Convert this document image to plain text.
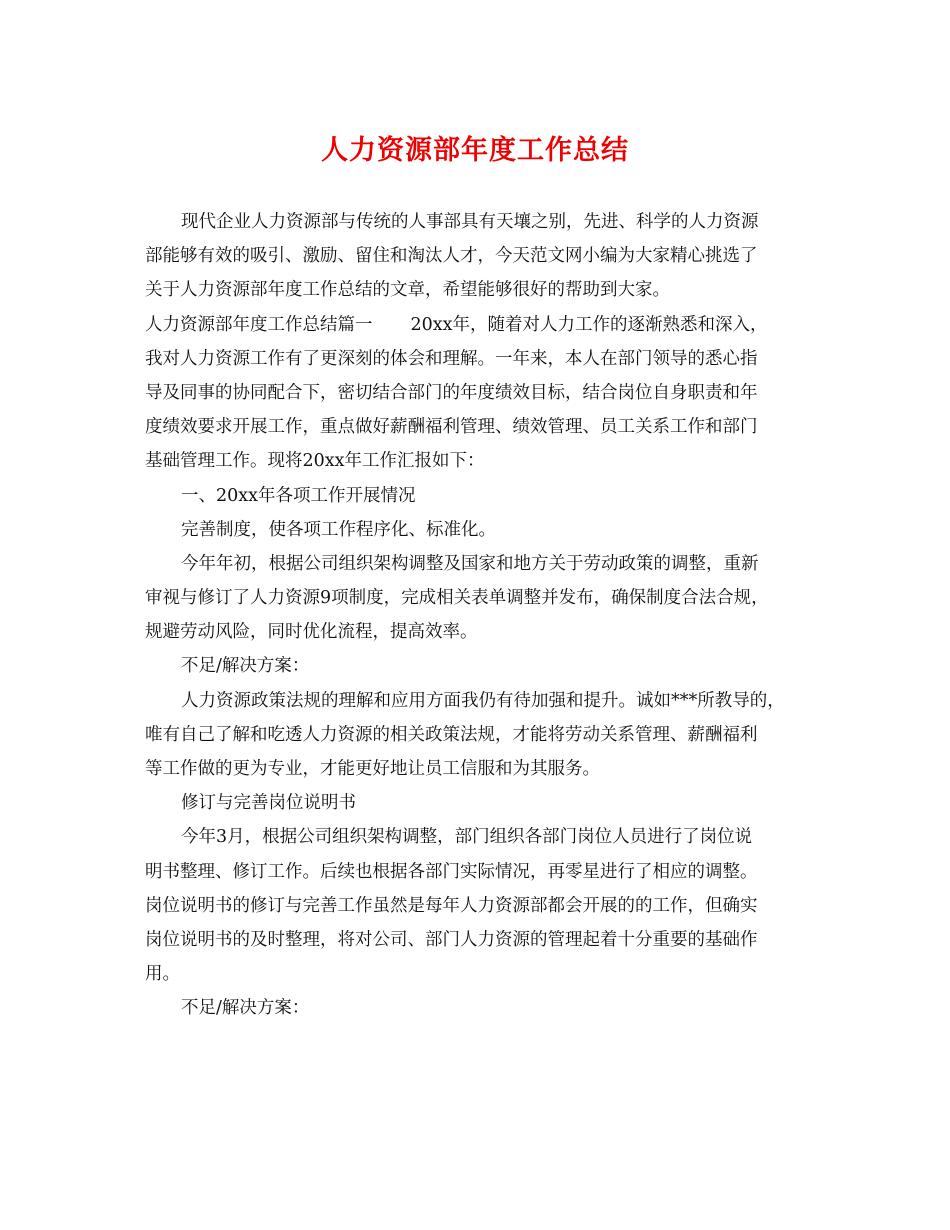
人力资源部年度工作总结
现代企业人力资源部与传统的人事部具有天壤之别，先进、科学的人力资源
部能够有效的吸引、激励、留住和淘汰人才，今天范文网小编为大家精心挑选了
关于人力资源部年度工作总结的文章，希望能够很好的帮助到大家。
人力资源部年度工作总结篇一 20xx年，随着对人力工作的逐渐熟悉和深入，
我对人力资源工作有了更深刻的体会和理解。一年来，本人在部门领导的悉心指
导及同事的协同配合下，密切结合部门的年度绩效目标，结合岗位自身职责和年
度绩效要求开展工作，重点做好薪酬福利管理、绩效管理、员工关系工作和部门
基础管理工作。现将20xx年工作汇报如下：
一、20xx年各项工作开展情况
完善制度，使各项工作程序化、标准化。
今年年初，根据公司组织架构调整及国家和地方关于劳动政策的调整，重新
审视与修订了人力资源9项制度，完成相关表单调整并发布，确保制度合法合规，
规避劳动风险，同时优化流程，提高效率。
不足/解决方案：
人力资源政策法规的理解和应用方面我仍有待加强和提升。诚如***所教导的，
唯有自己了解和吃透人力资源的相关政策法规，才能将劳动关系管理、薪酬福利
等工作做的更为专业，才能更好地让员工信服和为其服务。
修订与完善岗位说明书
今年3月，根据公司组织架构调整，部门组织各部门岗位人员进行了岗位说
明书整理、修订工作。后续也根据各部门实际情况，再零星进行了相应的调整。
岗位说明书的修订与完善工作虽然是每年人力资源部都会开展的的工作，但确实
岗位说明书的及时整理，将对公司、部门人力资源的管理起着十分重要的基础作
用。
不足/解决方案：
